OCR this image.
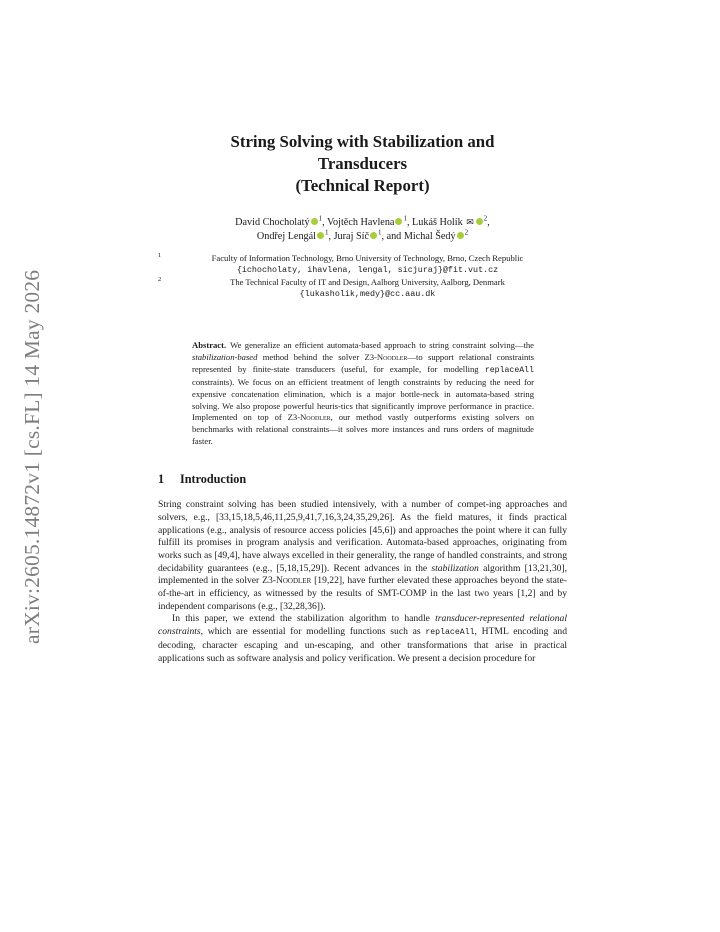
arXiv:2605.14872v1 [cs.FL] 14 May 2026
String Solving with Stabilization and
Transducers
(Technical Report)
David Chocholatý $^1$, Vojtěch Havlena $^1$, Lukáš Holík ✉ $^2$,
Ondřej Lengál $^1$, Juraj Síč $^1$, and Michal Šedý $^2$
1	Faculty of Information Technology, Brno University of Technology, Brno, Czech Republic
{ichocholaty, ihavlena, lengal, sicjuraj}@fit.vut.cz
2	The Technical Faculty of IT and Design, Aalborg University, Aalborg, Denmark
{lukasholik,medy}@cc.aau.dk
Abstract. We generalize an efficient automata-based approach to string constraint solving—the stabilization-based method behind the solver Z3-Noodler—to support relational constraints represented by finite-state transducers (useful, for example, for modelling replaceAll constraints). We focus on an efficient treatment of length constraints by reducing the need for expensive concatenation elimination, which is a major bottle-neck in automata-based string solving. We also propose powerful heuris-tics that significantly improve performance in practice. Implemented on top of Z3-Noodler, our method vastly outperforms existing solvers on benchmarks with relational constraints—it solves more instances and runs orders of magnitude faster.
1 Introduction

String constraint solving has been studied intensively, with a number of compet-ing approaches and solvers, e.g., [33,15,18,5,46,11,25,9,41,7,16,3,24,35,29,26]. As the field matures, it finds practical applications (e.g., analysis of resource access policies [45,6]) and approaches the point where it can fully fulfill its promises in program analysis and verification. Automata-based approaches, originating from works such as [49,4], have always excelled in their generality, the range of handled constraints, and strong decidability guarantees (e.g., [5,18,15,29]). Recent advances in the stabilization algorithm [13,21,30], implemented in the solver Z3-Noodler [19,22], have further elevated these approaches beyond the state-of-the-art in efficiency, as witnessed by the results of SMT-COMP in the last two years [1,2] and by independent comparisons (e.g., [32,28,36]).

In this paper, we extend the stabilization algorithm to handle transducer-represented relational constraints, which are essential for modelling functions such as replaceAll, HTML encoding and decoding, character escaping and un-escaping, and other transformations that arise in practical applications such as software analysis and policy verification. We present a decision procedure for
